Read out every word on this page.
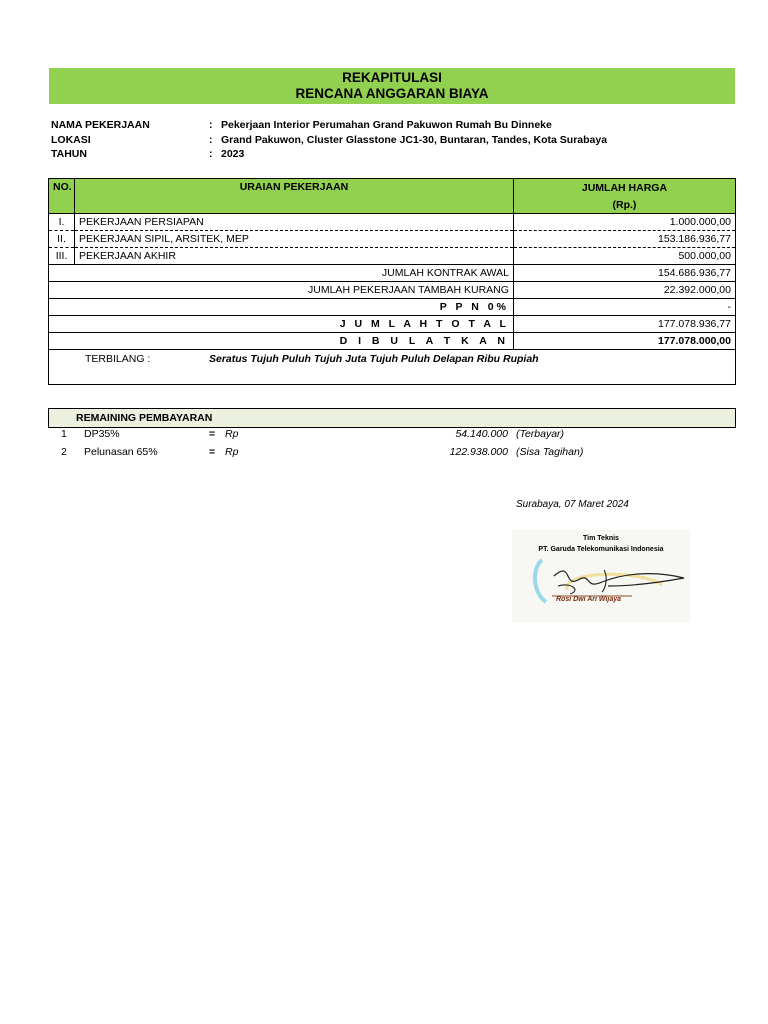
REKAPITULASI
RENCANA ANGGARAN BIAYA
NAMA PEKERJAAN	: Pekerjaan Interior Perumahan Grand Pakuwon Rumah Bu Dinneke
LOKASI	: Grand Pakuwon, Cluster Glasstone JC1-30, Buntaran, Tandes, Kota Surabaya
TAHUN	: 2023
NO.	URAIAN PEKERJAAN	JUMLAH HARGA
		(Rp.)
I.	PEKERJAAN PERSIAPAN	1.000.000,00
II.	PEKERJAAN SIPIL, ARSITEK, MEP	153.186.936,77
III.	PEKERJAAN AKHIR	500.000,00
JUMLAH KONTRAK AWAL		154.686.936,77
JUMLAH PEKERJAAN TAMBAH KURANG		22.392.000,00
P P N 0%		-
J U M L A H T O T A L		177.078.936,77
D I B U L A T K A N		177.078.000,00

TERBILANG : Seratus Tujuh Puluh Tujuh Juta Tujuh Puluh Delapan Ribu Rupiah		
REMAINING PEMBAYARAN
1 DP35%	= Rp	54.140.000 (Terbayar)
2 Pelunasan 65%	= Rp	122.938.000 (Sisa Tagihan)
Surabaya, 07 Maret 2024
Tim Teknis
PT. Garuda Telekomunikasi Indonesia
Rosi Dwi Ari Wijaya
